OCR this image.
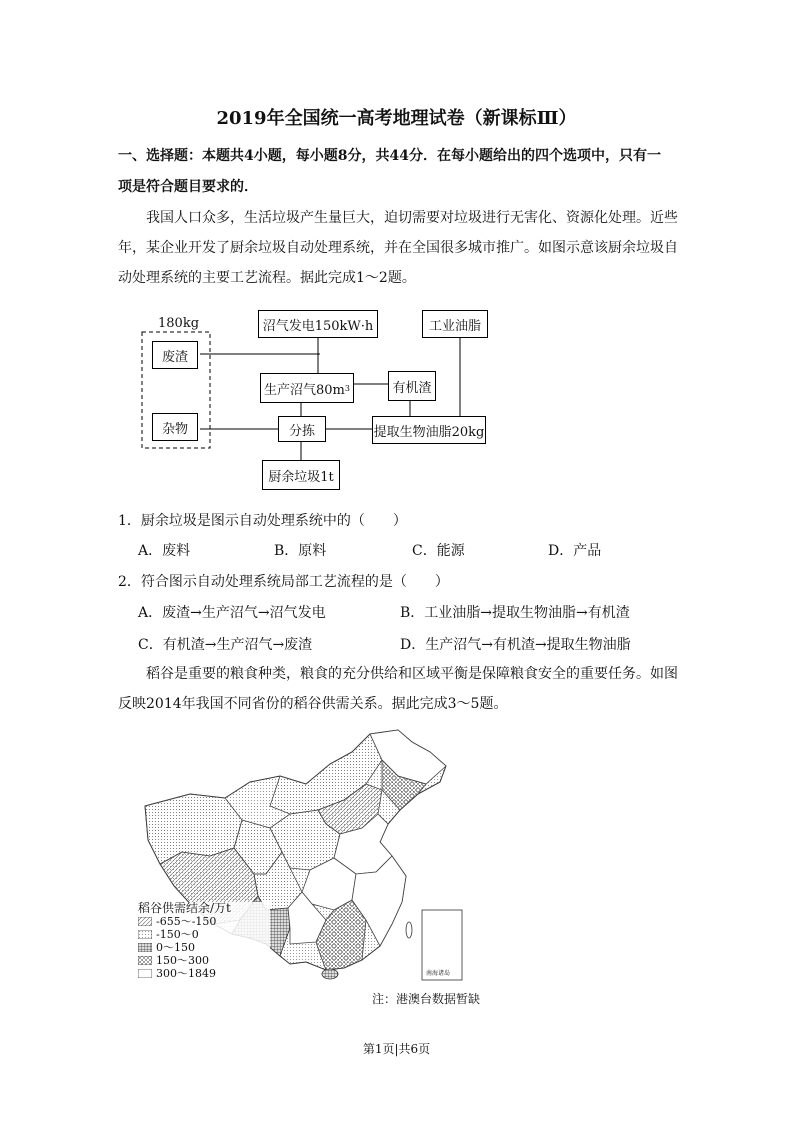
2019年全国统一高考地理试卷（新课标Ⅲ）
一、选择题：本题共4小题，每小题8分，共44分．在每小题给出的四个选项中，只有一
项是符合题目要求的．
我国人口众多，生活垃圾产生量巨大，迫切需要对垃圾进行无害化、资源化处理。近些
年，某企业开发了厨余垃圾自动处理系统，并在全国很多城市推广。如图示意该厨余垃圾自
动处理系统的主要工艺流程。据此完成1～2题。
180kg
废渣
杂物
沼气发电150kW·h
生产沼气80m 3	有机渣
分拣	提取生物油脂20kg
厨余垃圾1t
工业油脂
1．厨余垃圾是图示自动处理系统中的（　　）
A．废料	B．原料	C．能源	D．产品
2．符合图示自动处理系统局部工艺流程的是（　　）
A．废渣→生产沼气→沼气发电	B．工业油脂→提取生物油脂→有机渣
C．有机渣→生产沼气→废渣	D．生产沼气→有机渣→提取生物油脂
稻谷是重要的粮食种类，粮食的充分供给和区域平衡是保障粮食安全的重要任务。如图
反映2014年我国不同省份的稻谷供需关系。据此完成3～5题。
南海诸岛
稻谷供需结余/万t
-655～-150
-150～0
0～150
150～300
300～1849
注：港澳台数据暂缺
第1页|共6页
